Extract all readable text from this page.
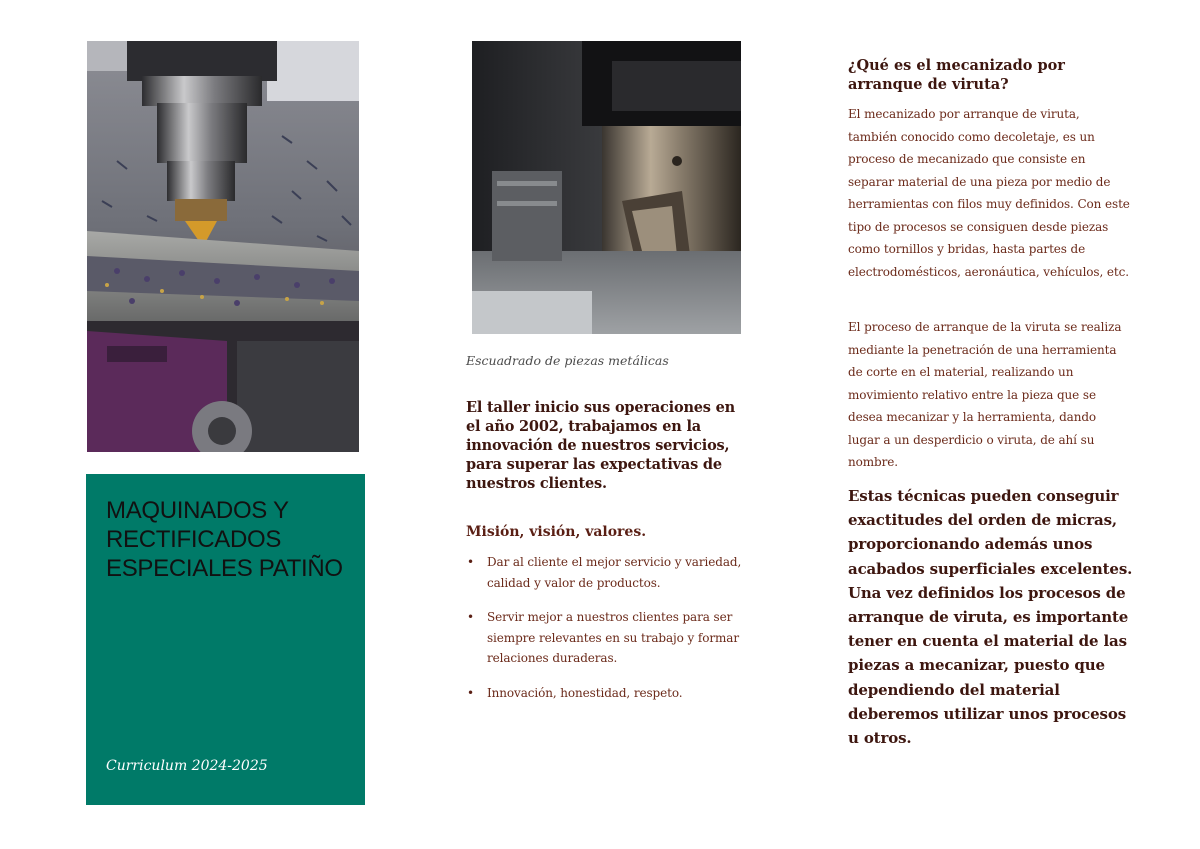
MAQUINADOS Y RECTIFICADOS ESPECIALES PATIÑO

Curriculum 2024-2025

Escuadrado de piezas metálicas

El taller inicio sus operaciones en el año 2002, trabajamos en la innovación de nuestros servicios, para superar las expectativas de nuestros clientes.

Misión, visión, valores.
• Dar al cliente el mejor servicio y variedad, calidad y valor de productos.
• Servir mejor a nuestros clientes para ser siempre relevantes en su trabajo y formar relaciones duraderas.
• Innovación, honestidad, respeto.
¿Qué es el mecanizado por arranque de viruta?

El mecanizado por arranque de viruta, también conocido como decoletaje, es un proceso de mecanizado que consiste en separar material de una pieza por medio de herramientas con filos muy definidos. Con este tipo de procesos se consiguen desde piezas como tornillos y bridas, hasta partes de electrodomésticos, aeronáutica, vehículos, etc.

El proceso de arranque de la viruta se realiza mediante la penetración de una herramienta de corte en el material, realizando un movimiento relativo entre la pieza que se desea mecanizar y la herramienta, dando lugar a un desperdicio o viruta, de ahí su nombre.

Estas técnicas pueden conseguir exactitudes del orden de micras, proporcionando además unos acabados superficiales excelentes. Una vez definidos los procesos de arranque de viruta, es importante tener en cuenta el material de las piezas a mecanizar, puesto que dependiendo del material deberemos utilizar unos procesos u otros.
